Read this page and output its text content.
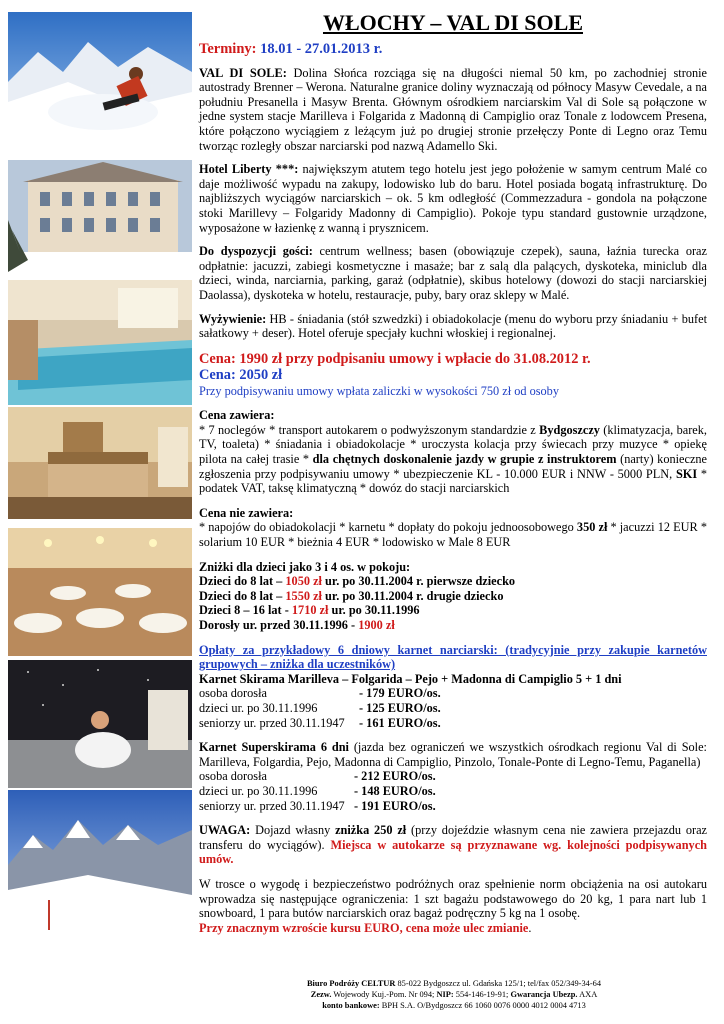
WŁOCHY – VAL DI SOLE
Terminy: 18.01 - 27.01.2013 r.

VAL DI SOLE: Dolina Słońca rozciąga się na długości niemal 50 km, po zachodniej stronie autostrady Brenner – Werona. Naturalne granice doliny wyznaczają od północy Masyw Cevedale, a na południu Presanella i Masyw Brenta. Głównym ośrodkiem narciarskim Val di Sole są połączone w jedne system stacje Marilleva i Folgarida z Madonną di Campiglio oraz Tonale z lodowcem Presena, które połączono wyciągiem z leżącym już po drugiej stronie przełęczy Ponte di Legno oraz Temu tworząc rozległy obszar narciarski pod nazwą Adamello Ski.

Hotel Liberty ***: największym atutem tego hotelu jest jego położenie w samym centrum Malé co daje możliwość wypadu na zakupy, lodowisko lub do baru. Hotel posiada bogatą infrastrukturę. Do najbliższych wyciągów narciarskich – ok. 5 km odległość (Commezzadura - gondola na połączone stoki Marillevy – Folgaridy Madonny di Campiglio). Pokoje typu standard gustownie urządzone, wyposażone w łazienkę z wanną i prysznicem.

Do dyspozycji gości: centrum wellness; basen (obowiązuje czepek), sauna, łaźnia turecka oraz odpłatnie: jacuzzi, zabiegi kosmetyczne i masaże; bar z salą dla palących, dyskoteka, miniclub dla dzieci, winda, narciarnia, parking, garaż (odpłatnie), skibus hotelowy (dowozi do stacji narciarskiej Daolassa), dyskoteka w hotelu, restauracje, puby, bary oraz sklepy w Malé.

Wyżywienie: HB - śniadania (stół szwedzki) i obiadokolacje (menu do wyboru przy śniadaniu + bufet sałatkowy + deser). Hotel oferuje specjały kuchni włoskiej i regionalnej.

Cena: 1990 zł przy podpisaniu umowy i wpłacie do 31.08.2012 r.
Cena: 2050 zł
Przy podpisywaniu umowy wpłata zaliczki w wysokości 750 zł od osoby

Cena zawiera:
* 7 noclegów * transport autokarem o podwyższonym standardzie z Bydgoszczy (klimatyzacja, barek, TV, toaleta) * śniadania i obiadokolacje * uroczysta kolacja przy świecach przy muzyce * opiekę pilota na całej trasie * dla chętnych doskonalenie jazdy w grupie z instruktorem (narty) konieczne zgłoszenia przy podpisywaniu umowy * ubezpieczenie KL - 10.000 EUR i NNW - 5000 PLN, SKI * podatek VAT, taksę klimatyczną * dowóz do stacji narciarskich

Cena nie zawiera:
* napojów do obiadokolacji * karnetu * dopłaty do pokoju jednoosobowego 350 zł * jacuzzi 12 EUR * solarium 10 EUR * bieżnia 4 EUR * lodowisko w Male 8 EUR

Zniżki dla dzieci jako 3 i 4 os. w pokoju:
Dzieci do 8 lat – 1050 zł ur. po 30.11.2004 r. pierwsze dziecko
Dzieci do 8 lat – 1550 zł ur. po 30.11.2004 r. drugie dziecko
Dzieci 8 – 16 lat - 1710 zł ur. po 30.11.1996
Dorosły ur. przed 30.11.1996 - 1900 zł
Opłaty za przykładowy 6 dniowy karnet narciarski: (tradycyjnie przy zakupie karnetów grupowych – zniżka dla uczestników)
Karnet Skirama Marilleva – Folgarida – Pejo + Madonna di Campiglio 5 + 1 dni
osoba dorosła	- 179 EURO/os.
dzieci ur. po 30.11.1996	- 125 EURO/os.
seniorzy ur. przed 30.11.1947	- 161 EURO/os.
Karnet Superskirama 6 dni (jazda bez ograniczeń we wszystkich ośrodkach regionu Val di Sole: Marilleva, Folgardia, Pejo, Madonna di Campiglio, Pinzolo, Tonale-Ponte di Legno-Temu, Paganella)
osoba dorosła	- 212 EURO/os.
dzieci ur. po 30.11.1996	- 148 EURO/os.
seniorzy ur. przed 30.11.1947 - 191 EURO/os.

UWAGA: Dojazd własny zniżka 250 zł (przy dojeździe własnym cena nie zawiera przejazdu oraz transferu do wyciągów). Miejsca w autokarze są przyznawane wg. kolejności podpisywanych umów.

W trosce o wygodę i bezpieczeństwo podróżnych oraz spełnienie norm obciążenia na osi autokaru wprowadza się następujące ograniczenia: 1 szt bagażu podstawowego do 20 kg, 1 para nart lub 1 snowboard, 1 para butów narciarskich oraz bagaż podręczny 5 kg na 1 osobę.
Przy znacznym wzroście kursu EURO, cena może ulec zmianie.

Biuro Podróży CELTUR 85-022 Bydgoszcz ul. Gdańska 125/1; tel/fax 052/349-34-64
Zezw. Wojewody Kuj.-Pom. Nr 094; NIP: 554-146-19-91; Gwarancja Ubezp. AXA
konto bankowe: BPH S.A. O/Bydgoszcz 66 1060 0076 0000 4012 0004 4713
